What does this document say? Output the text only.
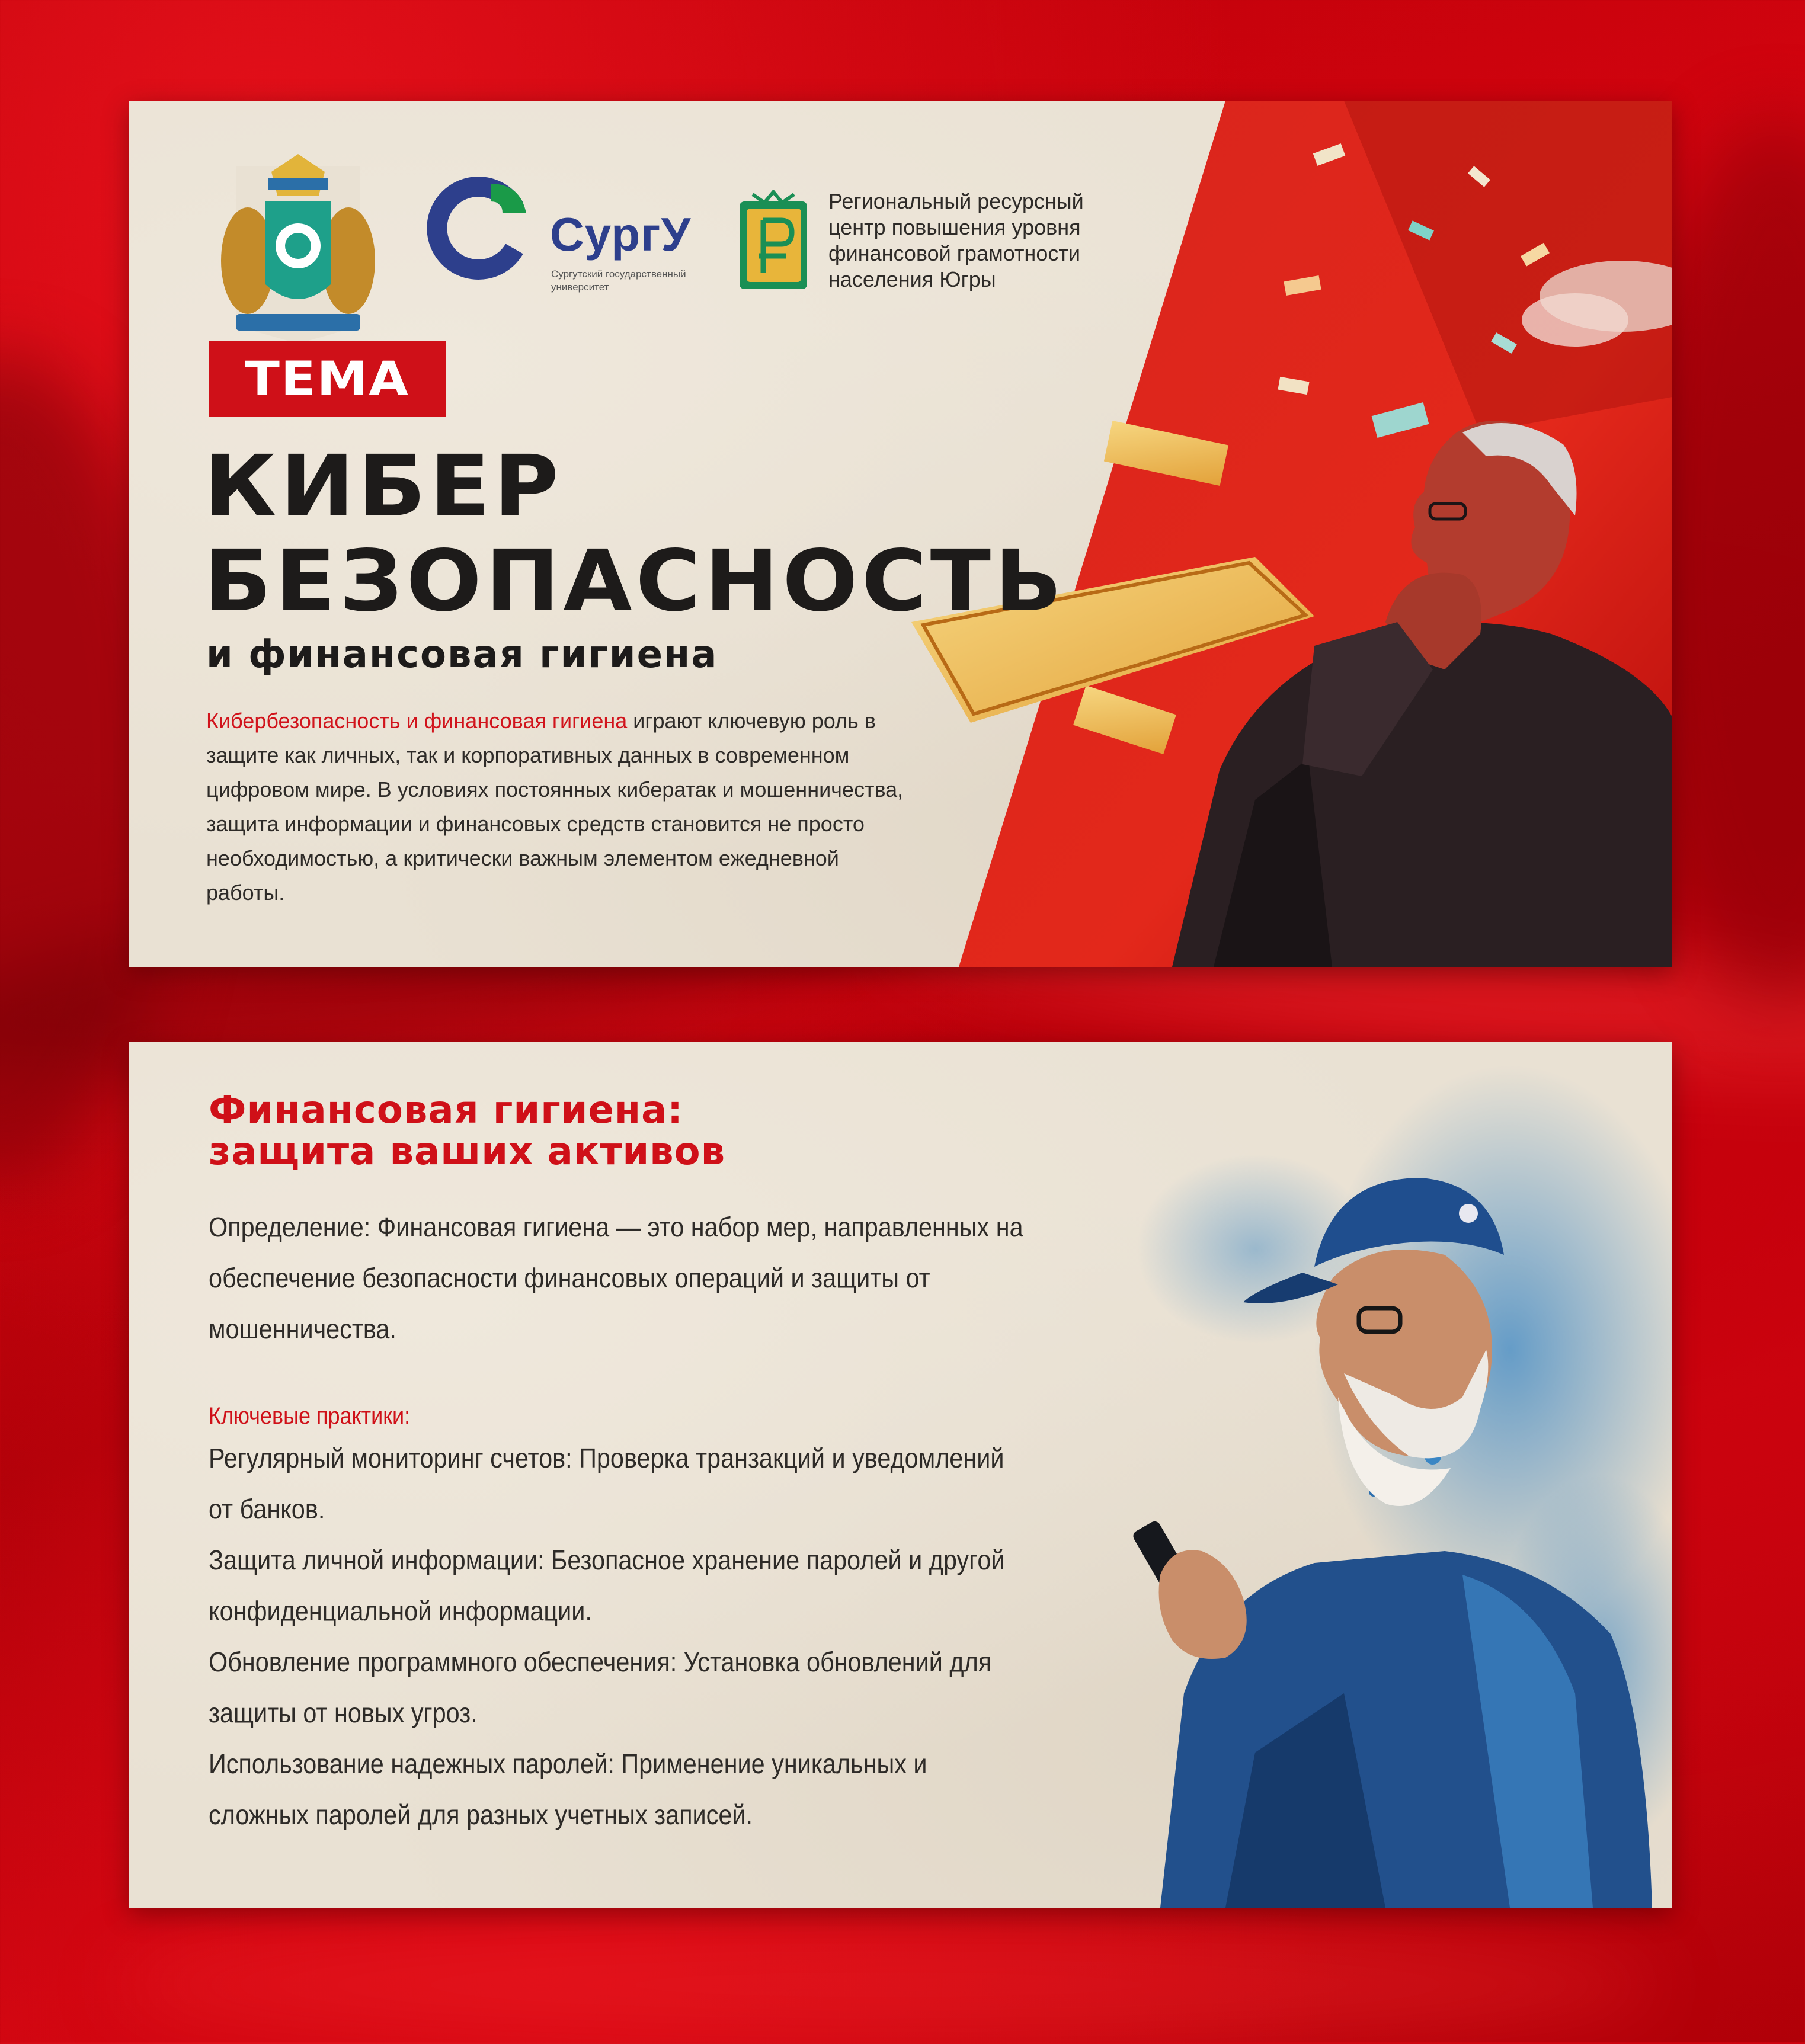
СургУ
Сургутский государственный университет
Региональный ресурсный
центр повышения уровня
финансовой грамотности
населения Югры
ТЕМА
КИБЕР
БЕЗОПАСНОСТЬ
и финансовая гигиена

Кибербезопасность и финансовая гигиена играют ключевую роль в защите как личных, так и корпоративных данных в современном цифровом мире. В условиях постоянных кибератак и мошенничества, защита информации и финансовых средств становится не просто необходимостью, а критически важным элементом ежедневной работы.

Финансовая гигиена:
защита ваших активов

Определение: Финансовая гигиена — это набор мер, направленных на обеспечение безопасности финансовых операций и защиты от мошенничества.

Ключевые практики:

Регулярный мониторинг счетов: Проверка транзакций и уведомлений от банков.

Защита личной информации: Безопасное хранение паролей и другой конфиденциальной информации.

Обновление программного обеспечения: Установка обновлений для защиты от новых угроз.

Использование надежных паролей: Применение уникальных и сложных паролей для разных учетных записей.
